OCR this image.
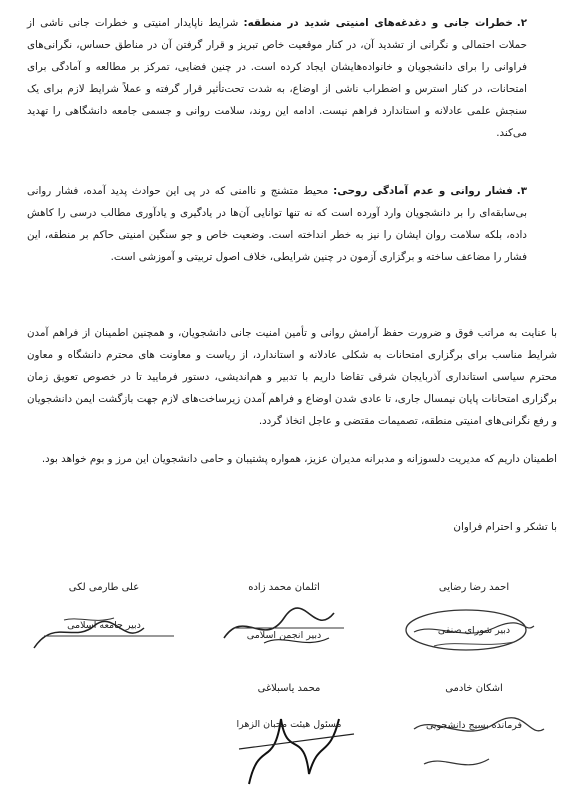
۲.خطرات جانی و دغدغه‌های امنیتی شدید در منطقه: شرایط ناپایدار امنیتی و خطرات جانی ناشی از حملات احتمالی و نگرانی از تشدید آن، در کنار موقعیت خاص تبریز و قرار گرفتن آن در مناطق حساس، نگرانی‌های فراوانی را برای دانشجویان و خانواده‌هایشان ایجاد کرده است. در چنین فضایی، تمرکز بر مطالعه و آمادگی برای امتحانات، در کنار استرس و اضطراب ناشی از اوضاع، به شدت تحت‌تأثیر قرار گرفته و عملاً شرایط لازم برای یک سنجش علمی عادلانه و استاندارد فراهم نیست. ادامه این روند، سلامت روانی و جسمی جامعه دانشگاهی را تهدید می‌کند.
۳.فشار روانی و عدم آمادگی روحی: محیط متشنج و ناامنی که در پی این حوادث پدید آمده، فشار روانی بی‌سابقه‌ای را بر دانشجویان وارد آورده است که نه تنها توانایی آن‌ها در یادگیری و یادآوری مطالب درسی را کاهش داده، بلکه سلامت روان ایشان را نیز به خطر انداخته است. وضعیت خاص و جو سنگین امنیتی حاکم بر منطقه، این فشار را مضاعف ساخته و برگزاری آزمون در چنین شرایطی، خلاف اصول تربیتی و آموزشی است.
با عنایت به مراتب فوق و ضرورت حفظ آرامش روانی و تأمین امنیت جانی دانشجویان، و همچنین اطمینان از فراهم آمدن شرایط مناسب برای برگزاری امتحانات به شکلی عادلانه و استاندارد، از ریاست و معاونت های محترم دانشگاه و معاون محترم سیاسی استانداری آذربایجان شرقی تقاضا داریم با تدبیر و هم‌اندیشی، دستور فرمایید تا در خصوص تعویق زمان برگزاری امتحانات پایان نیمسال جاری، تا عادی شدن اوضاع و فراهم آمدن زیرساخت‌های لازم جهت بازگشت ایمن دانشجویان و رفع نگرانی‌های امنیتی منطقه، تصمیمات مقتضی و عاجل اتخاذ گردد.
اطمینان داریم که مدیریت دلسوزانه و مدبرانه مدیران عزیز، همواره پشتیبان و حامی دانشجویان این مرز و بوم خواهد بود.
با تشکر و احترام فراوان
احمد رضا رضایی
دبیر شورای صنفی
اثلمان محمد زاده
دبیر انجمن اسلامی
علی طارمی لکی
دبیر جامعه اسلامی
اشکان خادمی
فرمانده بسیج دانشجویی
محمد یاسبلاغی
مسئول هیئت محبان الزهرا
